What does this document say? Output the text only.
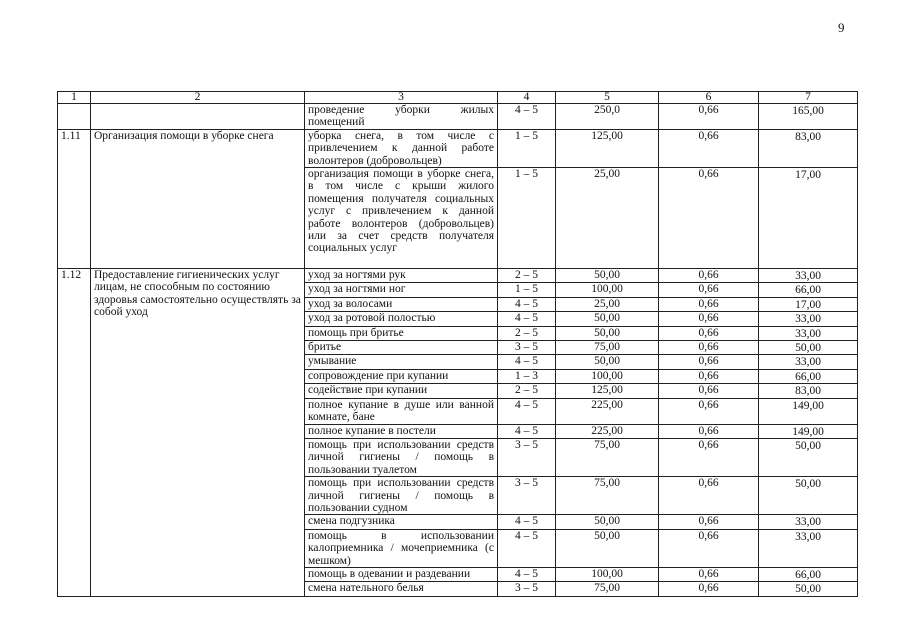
9
1	2	3	4	5	6	7
		проведение уборки жилых помещений	4 – 5	250,0	0,66	165,00
1.11	Организация помощи в уборке снега	уборка снега, в том числе с привлечением к данной работе волонтеров (добровольцев)	1 – 5	125,00	0,66	83,00
		организация помощи в уборке снега, в том числе с крыши жилого помещения получателя социальных услуг с привлечением к данной работе волонтеров (добровольцев) или за счет средств получателя социальных услуг	1 – 5	25,00	0,66	17,00
1.12	Предоставление гигиенических услуг лицам, не способным по состоянию здоровья самостоятельно осуществлять за собой уход	уход за ногтями рук	2 – 5	50,00	0,66	33,00
		уход за ногтями ног	1 – 5	100,00	0,66	66,00
		уход за волосами	4 – 5	25,00	0,66	17,00
		уход за ротовой полостью	4 – 5	50,00	0,66	33,00
		помощь при бритье	2 – 5	50,00	0,66	33,00
		бритье	3 – 5	75,00	0,66	50,00
		умывание	4 – 5	50,00	0,66	33,00
		сопровождение при купании	1 – 3	100,00	0,66	66,00
		содействие при купании	2 – 5	125,00	0,66	83,00
		полное купание в душе или ванной комнате, бане	4 – 5	225,00	0,66	149,00
		полное купание в постели	4 – 5	225,00	0,66	149,00
		помощь при использовании средств личной гигиены / помощь в пользовании туалетом	3 – 5	75,00	0,66	50,00
		помощь при использовании средств личной гигиены / помощь в пользовании судном	3 – 5	75,00	0,66	50,00
		смена подгузника	4 – 5	50,00	0,66	33,00
		помощь в использовании калоприемника / мочеприемника (с мешком)	4 – 5	50,00	0,66	33,00
		помощь в одевании и раздевании	4 – 5	100,00	0,66	66,00
		смена нательного белья	3 – 5	75,00	0,66	50,00
